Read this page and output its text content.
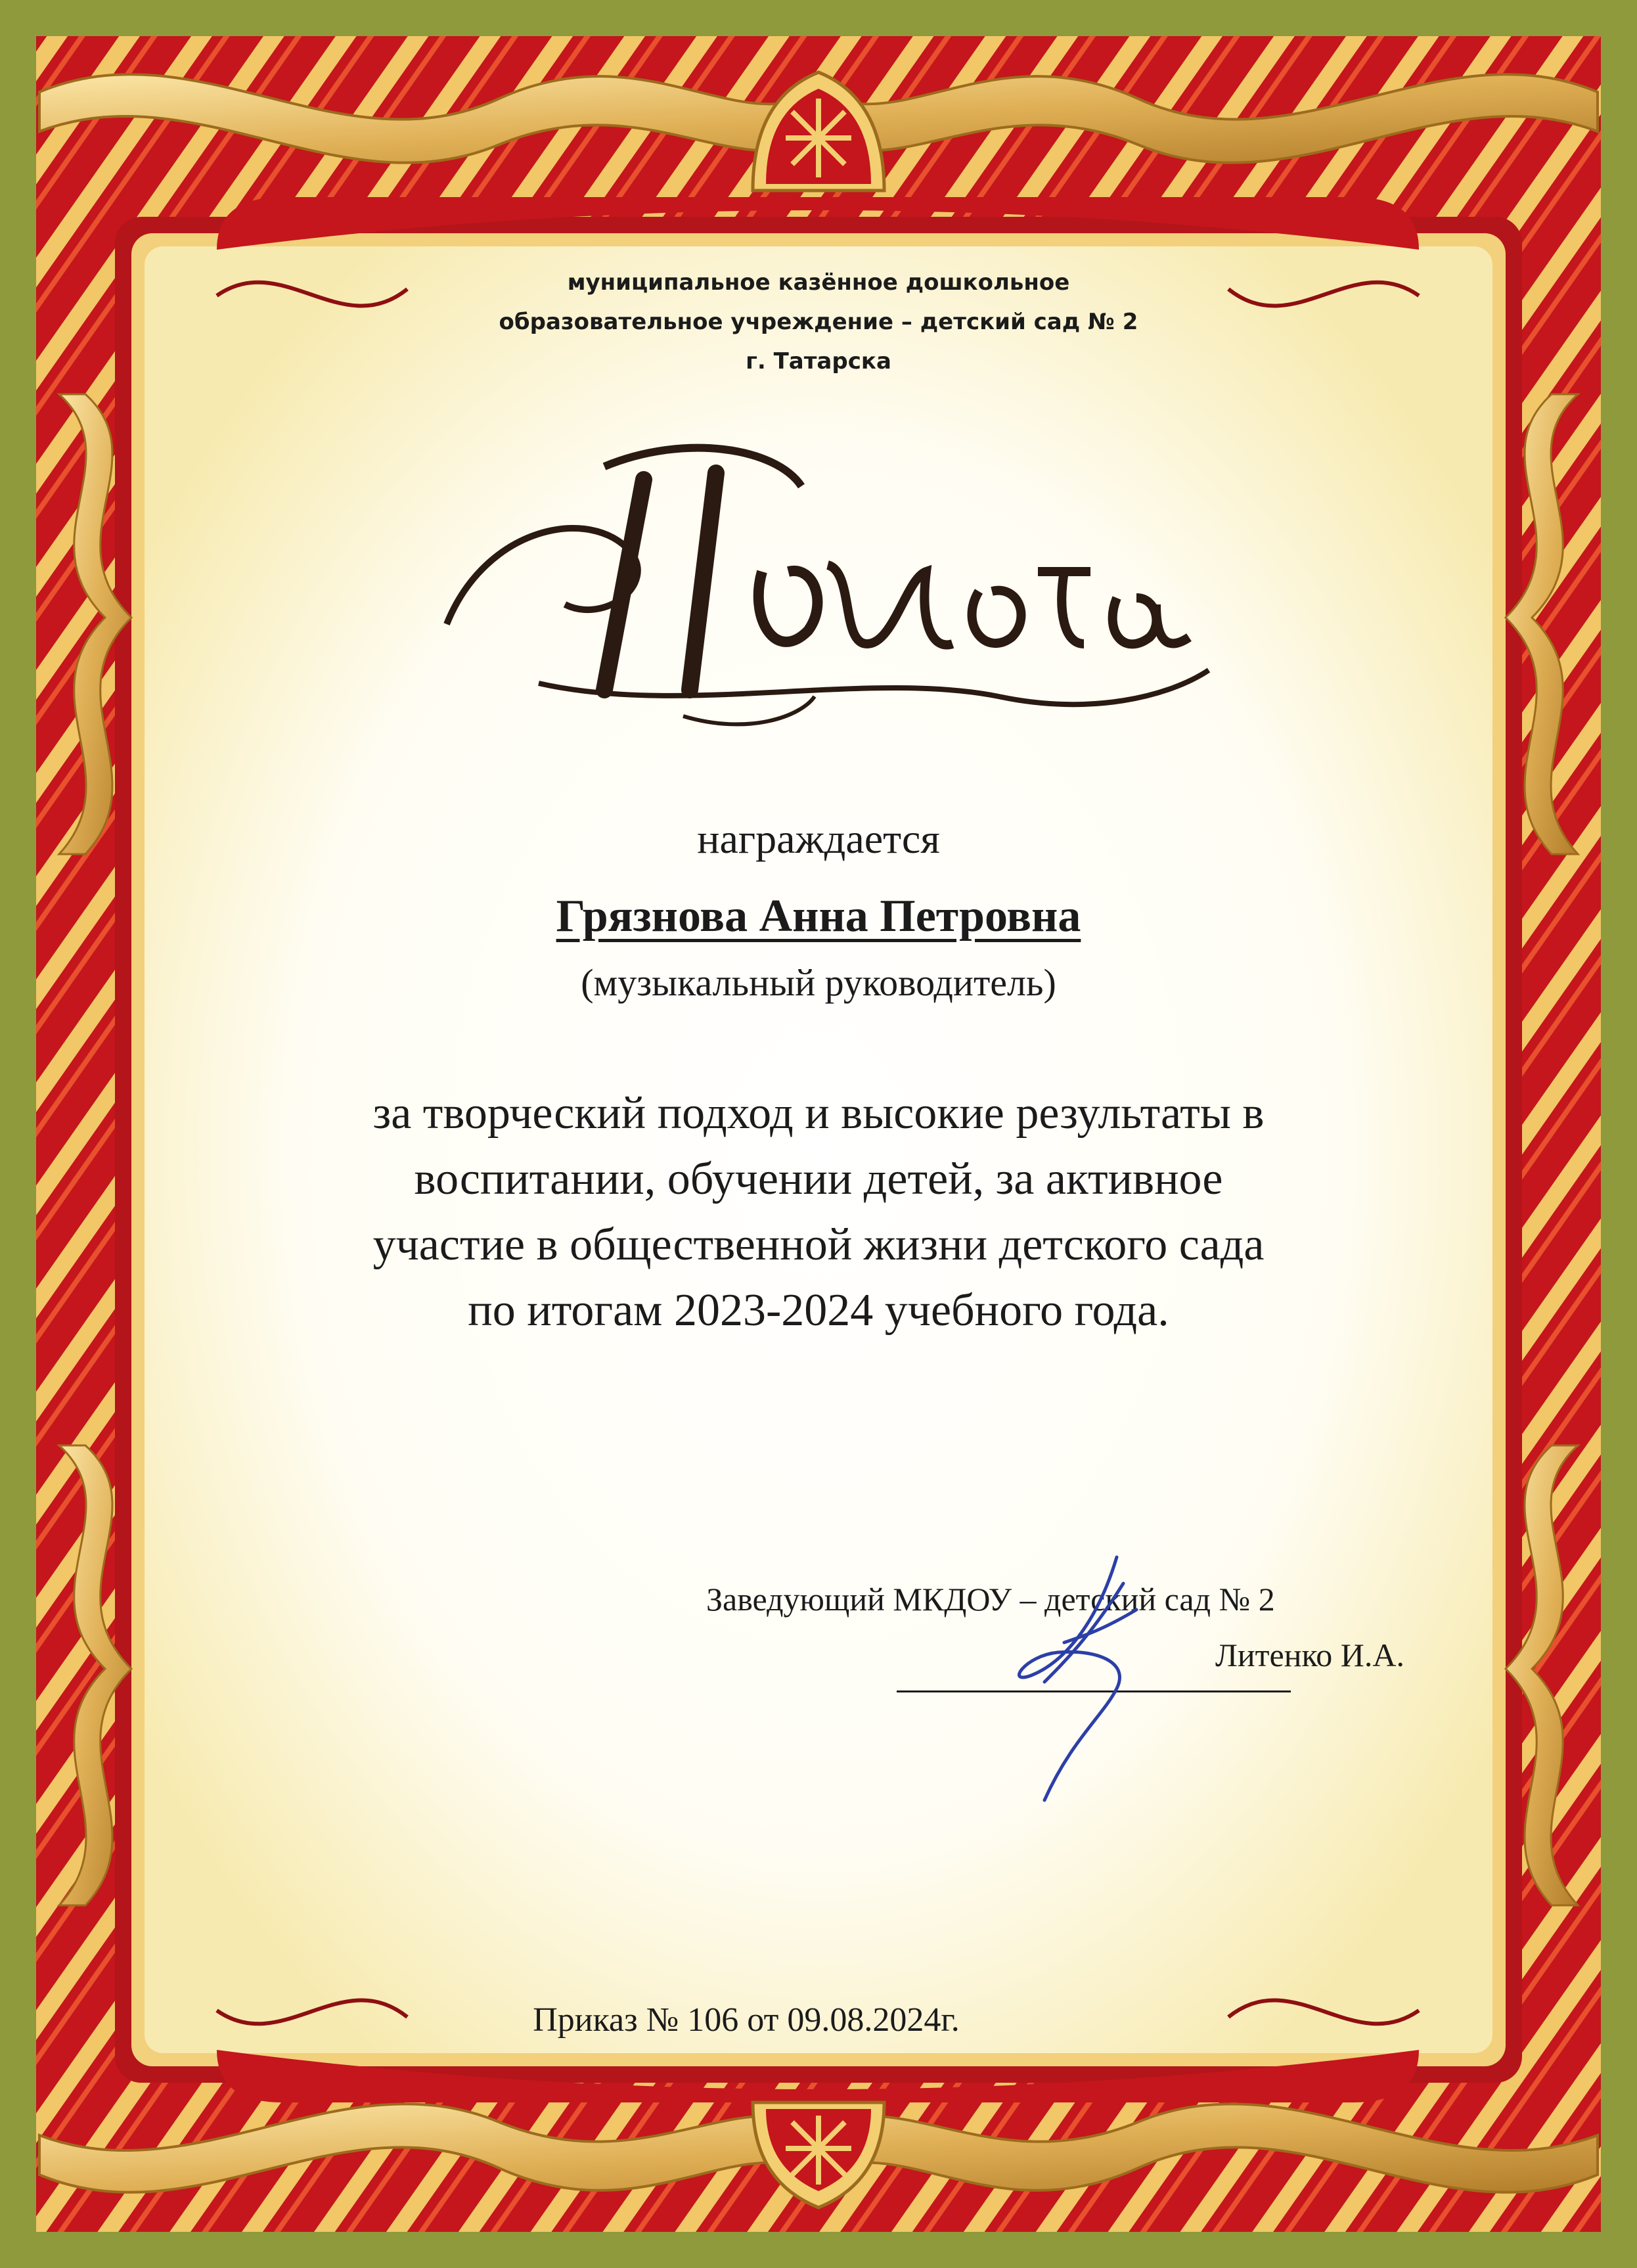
муниципальное казённое дошкольное

образовательное учреждение – детский сад № 2

г. Татарска

награждается

Грязнова Анна Петровна

(музыкальный руководитель)

за творческий подход и высокие результаты в

воспитании, обучении детей, за активное

участие в общественной жизни детского сада

по итогам 2023-2024 учебного года.

Заведующий МКДОУ – детский сад № 2
Литенко И.А.

Приказ № 106 от 09.08.2024г.
